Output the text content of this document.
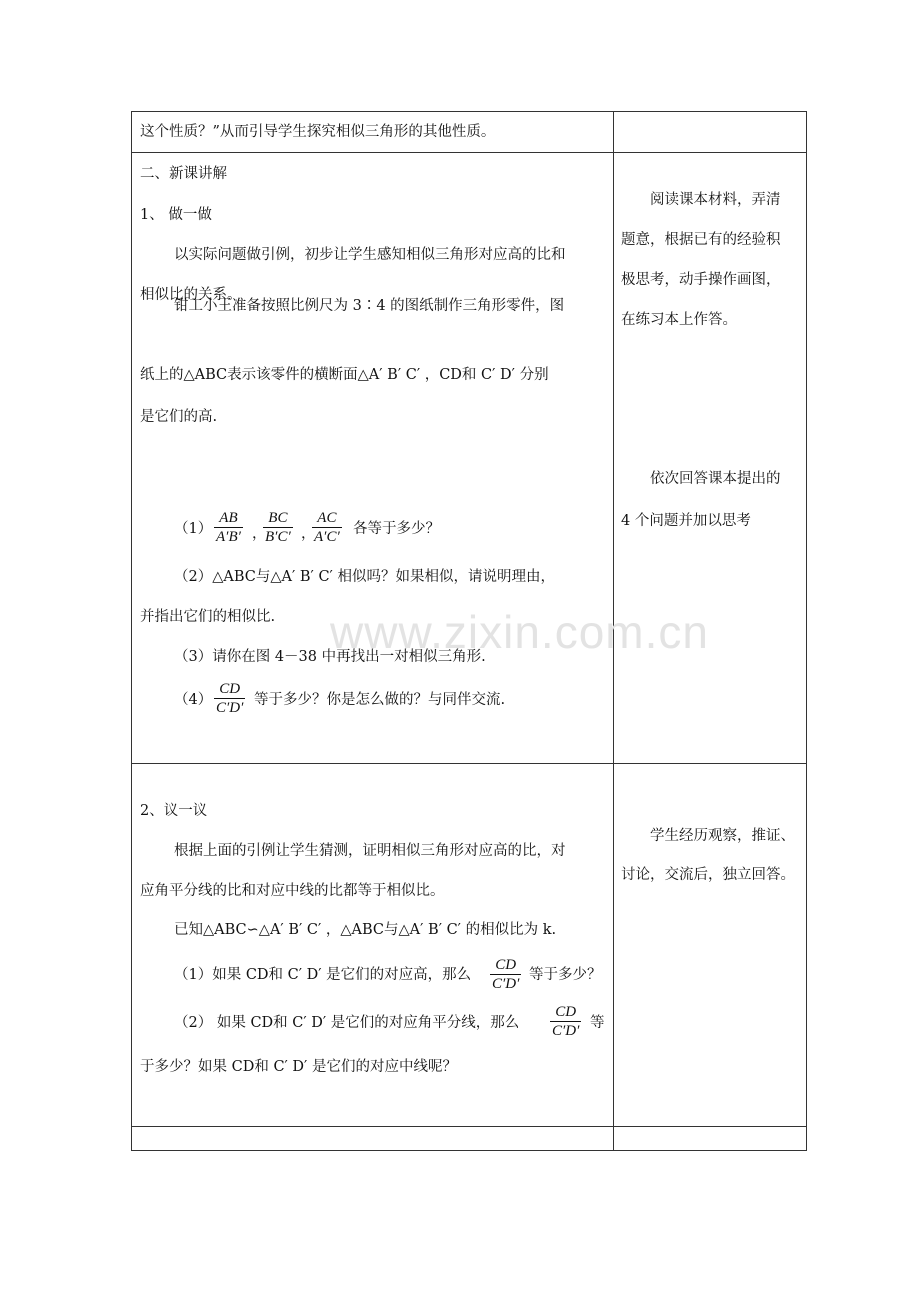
这个性质？”从而引导学生探究相似三角形的其他性质。
二、新课讲解
1、 做一做
以实际问题做引例，初步让学生感知相似三角形对应高的比和
相似比的关系。
钳工小王准备按照比例尺为 3∶4 的图纸制作三角形零件，图
纸上的△ABC表示该零件的横断面△A′ B′ C′ ，CD和 C′ D′ 分别
是它们的高.
$(1) \frac{AB}{A'B'}$ ，
$\frac{BC}{B'C'}$ ，
$\frac{AC}{A'C'}$ 各等于多少？
（2）△ABC与△A′ B′ C′ 相似吗？如果相似，请说明理由，
并指出它们的相似比.
（3）请你在图 4－38 中再找出一对相似三角形.
$(4) \frac{CD}{C'D'}$ 等于多少？你是怎么做的？与同伴交流.
阅读课本材料，弄清
题意，根据已有的经验积
极思考，动手操作画图，
在练习本上作答。
依次回答课本提出的
4 个问题并加以思考
2、议一议
根据上面的引例让学生猜测，证明相似三角形对应高的比，对
应角平分线的比和对应中线的比都等于相似比。
已知△ABC∽△A′ B′ C′ ，△ABC与△A′ B′ C′ 的相似比为 k.
（1）如果 CD和 C′ D′ 是它们的对应高，那么 $\frac{CD}{C'D'}$ 等于多少？
（2） 如果 CD和 C′ D′ 是它们的对应角平分线，那么 $\frac{CD}{C'D'}$ 等
于多少？如果 CD和 C′ D′ 是它们的对应中线呢？
学生经历观察，推证、
讨论，交流后，独立回答。
www.zixin.com.cn
